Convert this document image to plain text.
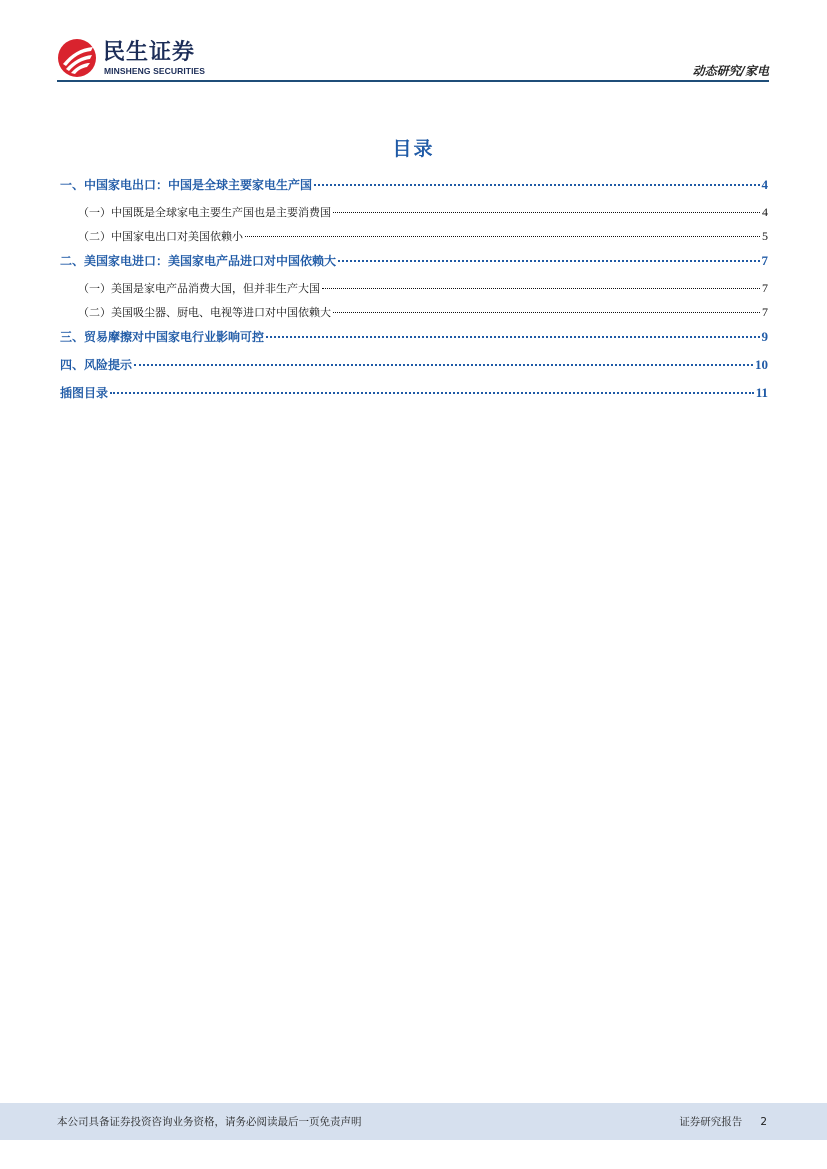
民生证券
MINSHENG SECURITIES	动态研究/家电
目录
一、中国家电出口：中国是全球主要家电生产国	4
（一）中国既是全球家电主要生产国也是主要消费国	4
（二）中国家电出口对美国依赖小	5
二、美国家电进口：美国家电产品进口对中国依赖大	7
（一）美国是家电产品消费大国，但并非生产大国	7
（二）美国吸尘器、厨电、电视等进口对中国依赖大	7
三、贸易摩擦对中国家电行业影响可控	9
四、风险提示	10
插图目录	11
本公司具备证券投资咨询业务资格，请务必阅读最后一页免责声明	证券研究报告 2
